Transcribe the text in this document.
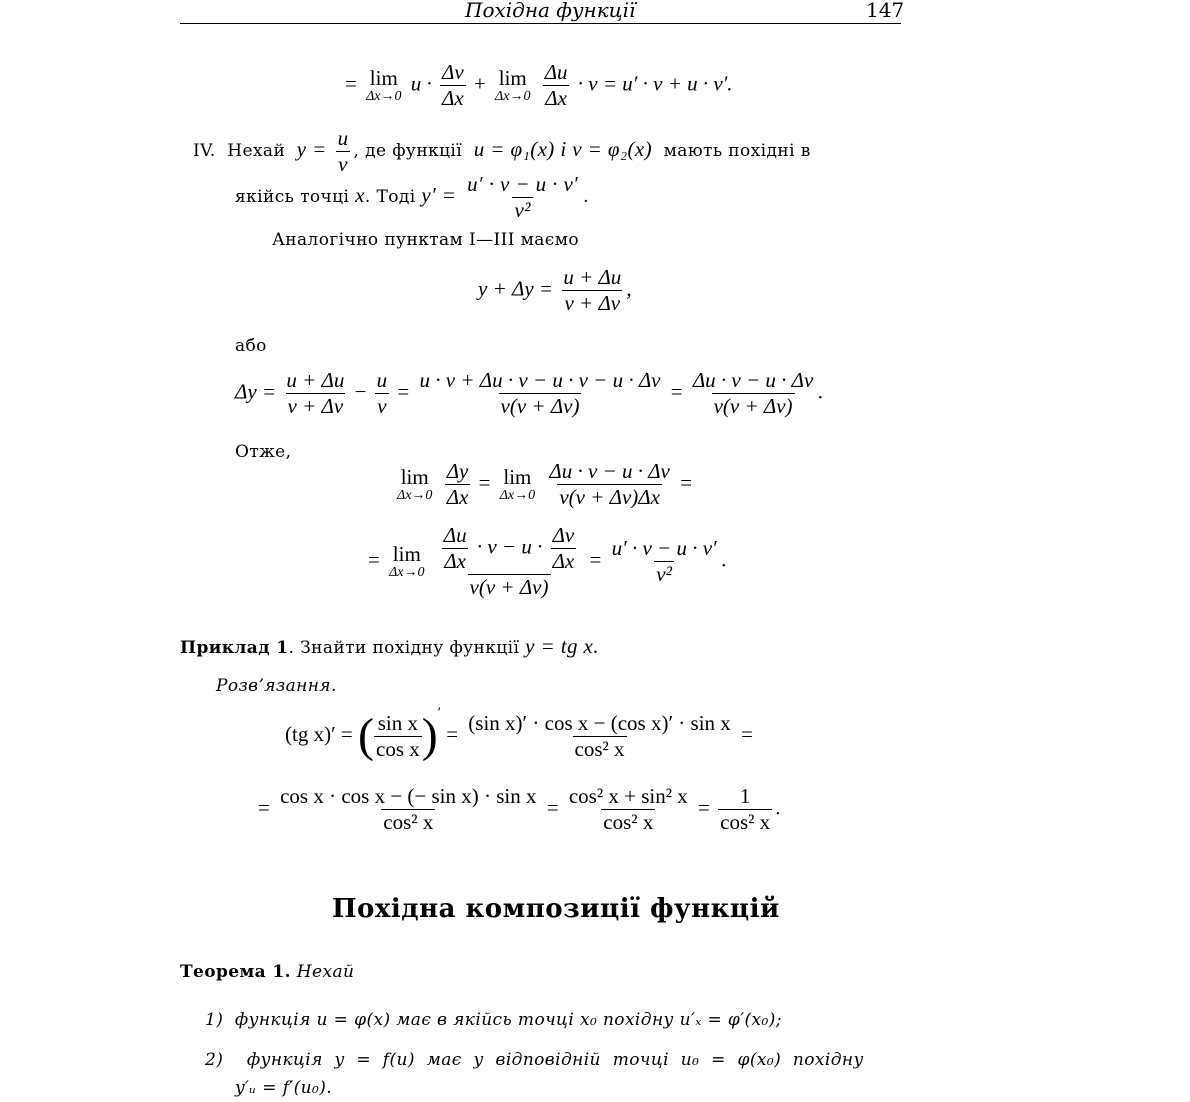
Похідна функції	147
= lim
Δx→0
$u \cdot \frac{\Delta v}{\Delta x} + \lim$
Δx→0
$\frac{\Delta u}{\Delta x} \cdot v = u' \cdot v + u \cdot v'$.
IV. Нехай $y = \frac{u}{v}$ , де функції u = φ₁(x) і v = φ₂(x) мають похідні в
якійсь точці x. Тоді $y' = \frac{u' \cdot v - u \cdot v'}{\text{v²}}$ .
Аналогічно пунктам I—III маємо
$y + \Delta y = \frac{u + \Delta u}{v + \Delta v}$ ,
або
$\Delta y = \frac{u + \Delta u}{v + \Delta v} - \frac{u}{v} = \frac{u \cdot v + \Delta u \cdot v - u \cdot v - u \cdot \Delta v}{v(v + \Delta v)} = \frac{\Delta u \cdot v - u \cdot \Delta v}{v(v + \Delta v)}$ .
Отже,
lim
Δx→0
$\frac{\Delta y}{\Delta x} = \lim$
Δx→0
$\frac{\Delta u \cdot v - u \cdot \Delta v}{v(v + \Delta v)\Delta x}$ =
= lim
Δx→0
$\frac{\frac{\Delta u}{\Delta x} \cdot v - u \cdot \frac{\Delta v}{\Delta x}}{v(v + \Delta v)} = \frac{u' \cdot v - u \cdot v'}{\text{v²}}$ .
Приклад 1. Знайти похідну функції y = tg x.
Розв’язання.
(tg x)′ = ( $\frac{\text{sin x}}{\text{cos x}} )' = \frac{\text{(sin x)′ · cos x − (cos x)′ · sin x}}{\text{cos² x}}$ =
= $\frac{\text{cos x · cos x − (− sin x) · sin x}}{\text{cos² x}} = \frac{\text{cos² x + sin² x}}{\text{cos² x}} = \frac{1}{\text{cos² x}}$ .
Похідна композиції функцій
Теорема 1. Нехай
1) функція u = φ(x) має в якійсь точці x₀ похідну u′ₓ = φ′(x₀);
2) функція y = f(u) має у відповідній точці u₀ = φ(x₀) похідну
y′ᵤ = f′(u₀).
